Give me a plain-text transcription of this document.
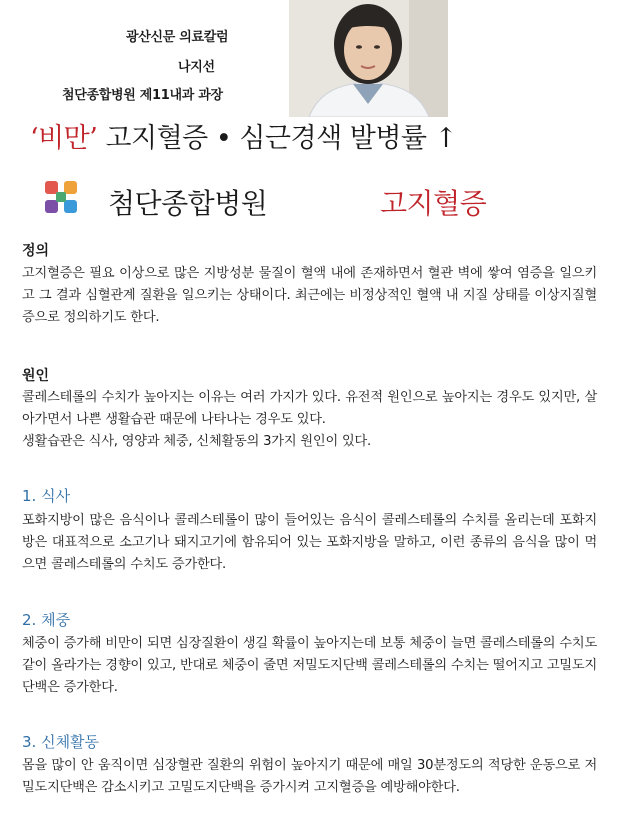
광산신문 의료칼럼
나지선
첨단종합병원 제11내과 과장
‘비만’ 고지혈증 • 심근경색 발병률 ↑
첨단종합병원	고지혈증
정의
고지혈증은 필요 이상으로 많은 지방성분 물질이 혈액 내에 존재하면서 혈관 벽에 쌓여 염증을 일으키고 그 결과 심혈관계 질환을 일으키는 상태이다. 최근에는 비정상적인 혈액 내 지질 상태를 이상지질혈증으로 정의하기도 한다.
원인
콜레스테롤의 수치가 높아지는 이유는 여러 가지가 있다. 유전적 원인으로 높아지는 경우도 있지만, 살아가면서 나쁜 생활습관 때문에 나타나는 경우도 있다.
생활습관은 식사, 영양과 체중, 신체활동의 3가지 원인이 있다.
1. 식사
포화지방이 많은 음식이나 콜레스테롤이 많이 들어있는 음식이 콜레스테롤의 수치를 올리는데 포화지방은 대표적으로 소고기나 돼지고기에 함유되어 있는 포화지방을 말하고, 이런 종류의 음식을 많이 먹으면 콜레스테롤의 수치도 증가한다.
2. 체중
체중이 증가해 비만이 되면 심장질환이 생길 확률이 높아지는데 보통 체중이 늘면 콜레스테롤의 수치도 같이 올라가는 경향이 있고, 반대로 체중이 줄면 저밀도지단백 콜레스테롤의 수치는 떨어지고 고밀도지단백은 증가한다.
3. 신체활동
몸을 많이 안 움직이면 심장혈관 질환의 위험이 높아지기 때문에 매일 30분정도의 적당한 운동으로 저밀도지단백은 감소시키고 고밀도지단백을 증가시켜 고지혈증을 예방해야한다.
